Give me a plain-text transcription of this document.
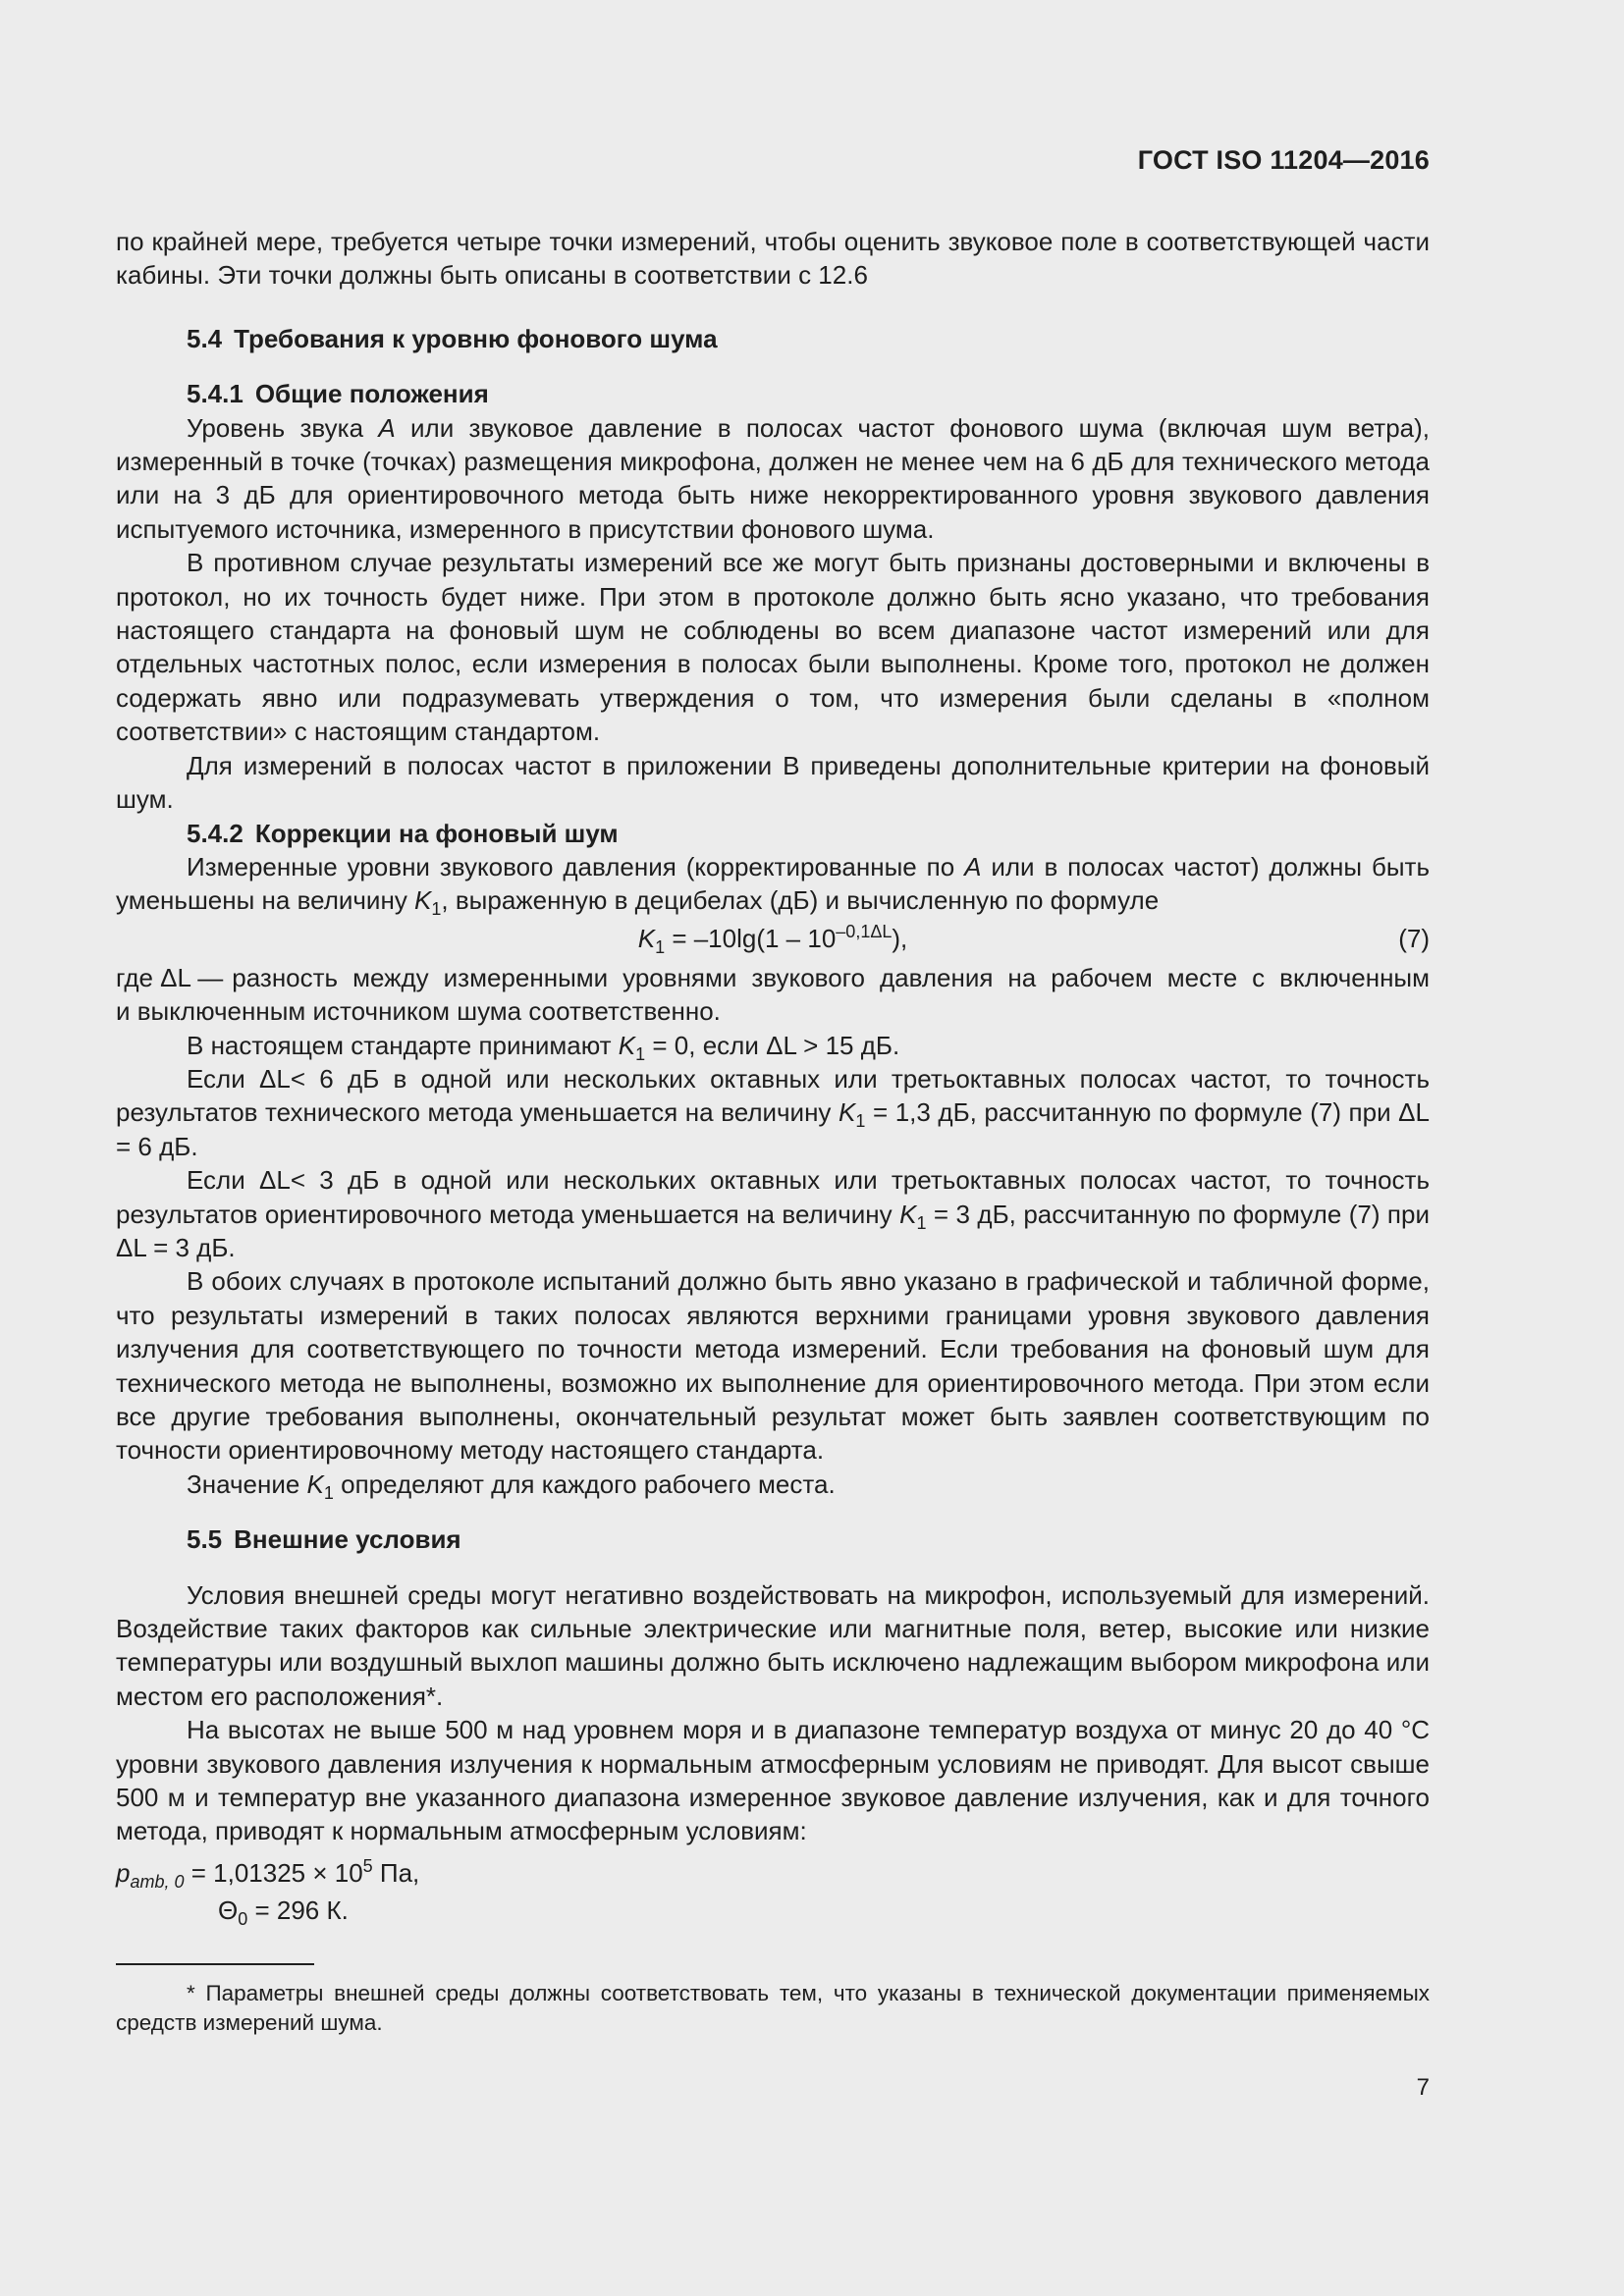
ГОСТ ISO 11204—2016

по крайней мере, требуется четыре точки измерений, чтобы оценить звуковое поле в соответствующей части кабины. Эти точки должны быть описаны в соответствии с 12.6

5.4 Требования к уровню фонового шума

5.4.1 Общие положения

Уровень звука A или звуковое давление в полосах частот фонового шума (включая шум ветра), измеренный в точке (точках) размещения микрофона, должен не менее чем на 6 дБ для технического метода или на 3 дБ для ориентировочного метода быть ниже некорректированного уровня звукового давления испытуемого источника, измеренного в присутствии фонового шума.

В противном случае результаты измерений все же могут быть признаны достоверными и включены в протокол, но их точность будет ниже. При этом в протоколе должно быть ясно указано, что требования настоящего стандарта на фоновый шум не соблюдены во всем диапазоне частот измерений или для отдельных частотных полос, если измерения в полосах были выполнены. Кроме того, протокол не должен содержать явно или подразумевать утверждения о том, что измерения были сделаны в «полном соответствии» с настоящим стандартом.

Для измерений в полосах частот в приложении В приведены дополнительные критерии на фоновый шум.

5.4.2 Коррекции на фоновый шум

Измеренные уровни звукового давления (корректированные по A или в полосах частот) должны быть уменьшены на величину $K_1$, выраженную в децибелах (дБ) и вычисленную по формуле

$K_1 = -10\lg(1 - 10^{-0,1\Delta L})$,	(7)
где ΔL — разность между измеренными уровнями звукового давления на рабочем месте с включенным

и выключенным источником шума соответственно.

В настоящем стандарте принимают $K_1 = 0$, если ΔL > 15 дБ.

Если ΔL< 6 дБ в одной или нескольких октавных или третьоктавных полосах частот, то точность результатов технического метода уменьшается на величину $K_1 = 1,3$ дБ, рассчитанную по формуле (7) при ΔL = 6 дБ.

Если ΔL< 3 дБ в одной или нескольких октавных или третьоктавных полосах частот, то точность результатов ориентировочного метода уменьшается на величину $K_1 = 3$ дБ, рассчитанную по формуле (7) при ΔL = 3 дБ.

В обоих случаях в протоколе испытаний должно быть явно указано в графической и табличной форме, что результаты измерений в таких полосах являются верхними границами уровня звукового давления излучения для соответствующего по точности метода измерений. Если требования на фоновый шум для технического метода не выполнены, возможно их выполнение для ориентировочного метода. При этом если все другие требования выполнены, окончательный результат может быть заявлен соответствующим по точности ориентировочному методу настоящего стандарта.

Значение $K_1$ определяют для каждого рабочего места.

5.5 Внешние условия

Условия внешней среды могут негативно воздействовать на микрофон, используемый для измерений. Воздействие таких факторов как сильные электрические или магнитные поля, ветер, высокие или низкие температуры или воздушный выхлоп машины должно быть исключено надлежащим выбором микрофона или местом его расположения*.

На высотах не выше 500 м над уровнем моря и в диапазоне температур воздуха от минус 20 до 40 °С уровни звукового давления излучения к нормальным атмосферным условиям не приводят. Для высот свыше 500 м и температур вне указанного диапазона измеренное звуковое давление излучения, как и для точного метода, приводят к нормальным атмосферным условиям:

$p_{amb, 0} = 1,01325 \times 10^5$ Па,

$\Theta_0 = 296$ К.

* Параметры внешней среды должны соответствовать тем, что указаны в технической документации применяемых средств измерений шума.

7
